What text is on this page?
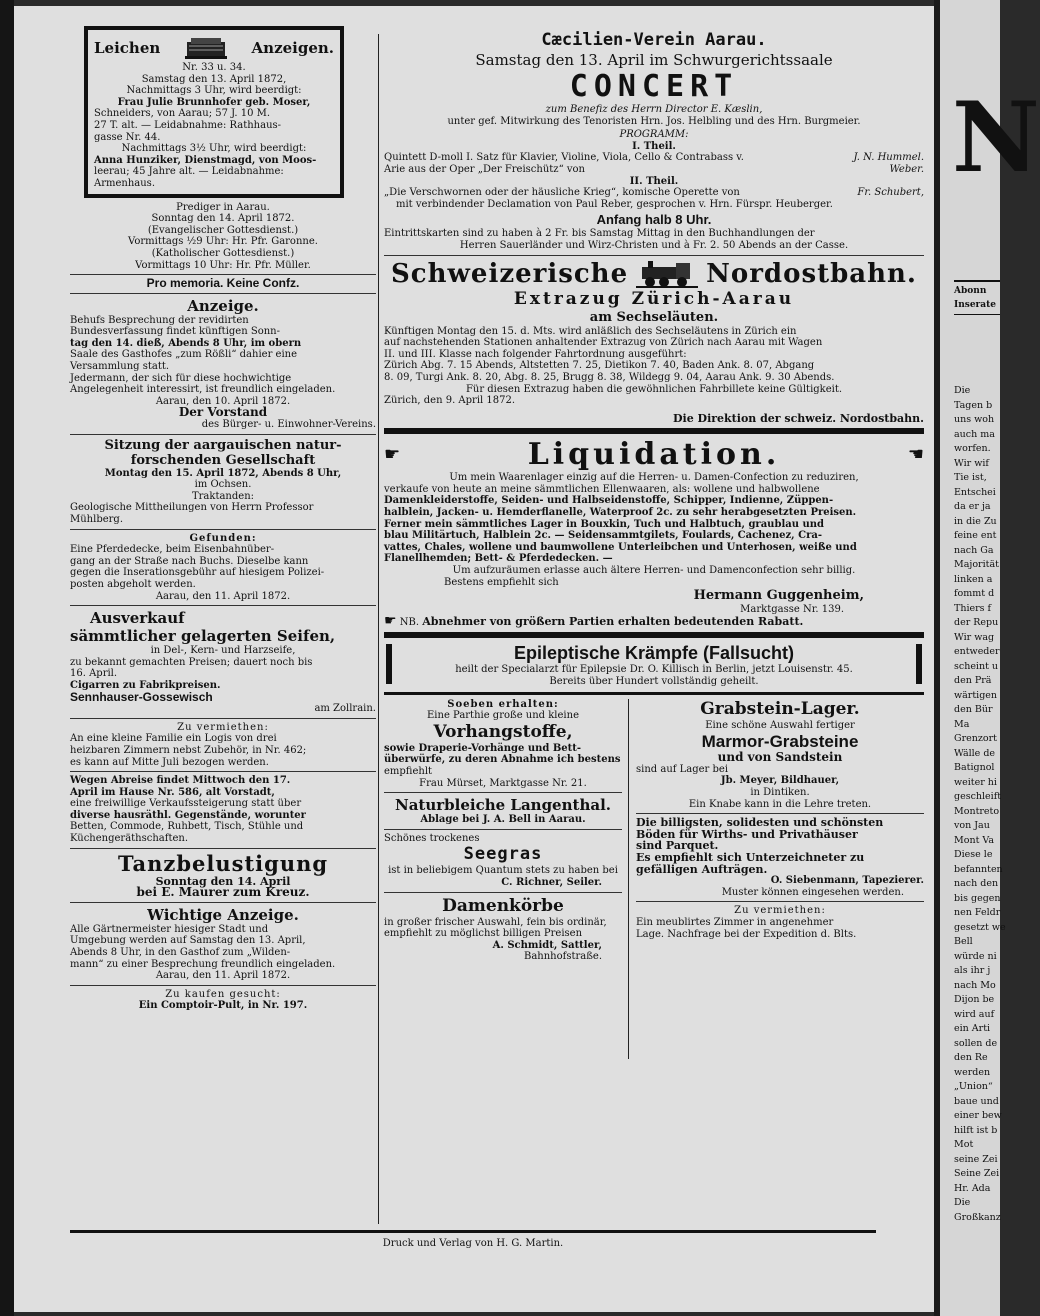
Leichen	Anzeigen.

Nr. 33 u. 34.

Samstag den 13. April 1872,

Nachmittags 3 Uhr, wird beerdigt:

Frau Julie Brunnhofer geb. Moser,

Schneiders, von Aarau; 57 J. 10 M.

27 T. alt. — Leidabnahme: Rathhaus-

gasse Nr. 44.

Nachmittags 3½ Uhr, wird beerdigt:

Anna Hunziker, Dienstmagd, von Moos-

leerau; 45 Jahre alt. — Leidabnahme:

Armenhaus.

Prediger in Aarau.

Sonntag den 14. April 1872.

(Evangelischer Gottesdienst.)

Vormittags ½9 Uhr: Hr. Pfr. Garonne.

(Katholischer Gottesdienst.)

Vormittags 10 Uhr: Hr. Pfr. Müller.

Pro memoria. Keine Confz.

Anzeige.

Behufs Besprechung der revidirten

Bundesverfassung findet künftigen Sonn-

tag den 14. dieß, Abends 8 Uhr, im obern

Saale des Gasthofes „zum Rößli“ dahier eine

Versammlung statt.

Jedermann, der sich für diese hochwichtige

Angelegenheit interessirt, ist freundlich eingeladen.

Aarau, den 10. April 1872.

Der Vorstand

des Bürger- u. Einwohner-Vereins.

Sitzung der aargauischen natur-

forschenden Gesellschaft

Montag den 15. April 1872, Abends 8 Uhr,

im Ochsen.

Traktanden:

Geologische Mittheilungen von Herrn Professor

Mühlberg.

Gefunden:

Eine Pferdedecke, beim Eisenbahnüber-

gang an der Straße nach Buchs. Dieselbe kann

gegen die Inserationsgebühr auf hiesigem Polizei-

posten abgeholt werden.

Aarau, den 11. April 1872.

Ausverkauf

sämmtlicher gelagerten Seifen,

in Del-, Kern- und Harzseife,

zu bekannt gemachten Preisen; dauert noch bis

16. April.

Cigarren zu Fabrikpreisen.

Sennhauser-Gossewisch

am Zollrain.

Zu vermiethen:

An eine kleine Familie ein Logis von drei

heizbaren Zimmern nebst Zubehör, in Nr. 462;

es kann auf Mitte Juli bezogen werden.

Wegen Abreise findet Mittwoch den 17.

April im Hause Nr. 586, alt Vorstadt,

eine freiwillige Verkaufssteigerung statt über

diverse hausräthl. Gegenstände, worunter

Betten, Commode, Ruhbett, Tisch, Stühle und

Küchengeräthschaften.

Tanzbelustigung

Sonntag den 14. April

bei E. Maurer zum Kreuz.

Wichtige Anzeige.

Alle Gärtnermeister hiesiger Stadt und

Umgebung werden auf Samstag den 13. April,

Abends 8 Uhr, in den Gasthof zum „Wilden-

mann“ zu einer Besprechung freundlich eingeladen.

Aarau, den 11. April 1872.

Zu kaufen gesucht:

Ein Comptoir-Pult, in Nr. 197.

Cæcilien-Verein Aarau.

Samstag den 13. April im Schwurgerichtssaale

CONCERT

zum Benefiz des Herrn Director E. Kæslin,

unter gef. Mitwirkung des Tenoristen Hrn. Jos. Helbling und des Hrn. Burgmeier.

PROGRAMM:

I. Theil.

Quintett D-moll I. Satz für Klavier, Violine, Viola, Cello & Contrabass v.	J. N. Hummel.

Arie aus der Oper „Der Freischütz“ von	Weber.

II. Theil.

„Die Verschwornen oder der häusliche Krieg“, komische Operette von	Fr. Schubert,

mit verbindender Declamation von Paul Reber, gesprochen v. Hrn. Fürspr. Heuberger.

Anfang halb 8 Uhr.

Eintrittskarten sind zu haben à 2 Fr. bis Samstag Mittag in den Buchhandlungen der

Herren Sauerländer und Wirz-Christen und à Fr. 2. 50 Abends an der Casse.

Schweizerische	Nordostbahn.

Extrazug Zürich-Aarau

am Sechseläuten.

Künftigen Montag den 15. d. Mts. wird anläßlich des Sechseläutens in Zürich ein

auf nachstehenden Stationen anhaltender Extrazug von Zürich nach Aarau mit Wagen

II. und III. Klasse nach folgender Fahrtordnung ausgeführt:

Zürich Abg. 7. 15 Abends, Altstetten 7. 25, Dietikon 7. 40, Baden Ank. 8. 07, Abgang

8. 09, Turgi Ank. 8. 20, Abg. 8. 25, Brugg 8. 38, Wildegg 9. 04, Aarau Ank. 9. 30 Abends.

Für diesen Extrazug haben die gewöhnlichen Fahrbillete keine Gültigkeit.

Zürich, den 9. April 1872.

Die Direktion der schweiz. Nordostbahn.

☛	Liquidation.	☚

Um mein Waarenlager einzig auf die Herren- u. Damen-Confection zu reduziren,

verkaufe von heute an meine sämmtlichen Ellenwaaren, als: wollene und halbwollene

Damenkleiderstoffe, Seiden- und Halbseidenstoffe, Schipper, Indienne, Züppen-

halblein, Jacken- u. Hemderflanelle, Waterproof 2c. zu sehr herabgesetzten Preisen.

Ferner mein sämmtliches Lager in Bouxkin, Tuch und Halbtuch, graublau und

blau Militärtuch, Halblein 2c. — Seidensammtgilets, Foulards, Cachenez, Cra-

vattes, Chales, wollene und baumwollene Unterleibchen und Unterhosen, weiße und

Flanellhemden; Bett- & Pferdedecken. —

Um aufzuräumen erlasse auch ältere Herren- und Damenconfection sehr billig.

Bestens empfiehlt sich

Hermann Guggenheim,

Marktgasse Nr. 139.

☛ NB. Abnehmer von größern Partien erhalten bedeutenden Rabatt.

Epileptische Krämpfe (Fallsucht)

heilt der Specialarzt für Epilepsie Dr. O. Killisch in Berlin, jetzt Louisenstr. 45.

Bereits über Hundert vollständig geheilt.

Soeben erhalten:

Eine Parthie große und kleine

Vorhangstoffe,

sowie Draperie-Vorhänge und Bett-

überwürfe, zu deren Abnahme ich bestens

empfiehlt

Frau Mürset, Marktgasse Nr. 21.

Naturbleiche Langenthal.

Ablage bei J. A. Bell in Aarau.

Schönes trockenes

Seegras

ist in beliebigem Quantum stets zu haben bei

C. Richner, Seiler.

Damenkörbe

in großer frischer Auswahl, fein bis ordinär,

empfiehlt zu möglichst billigen Preisen

A. Schmidt, Sattler,

Bahnhofstraße.

Grabstein-Lager.

Eine schöne Auswahl fertiger

Marmor-Grabsteine

und von Sandstein

sind auf Lager bei

Jb. Meyer, Bildhauer,

in Dintiken.

Ein Knabe kann in die Lehre treten.

Die billigsten, solidesten und schönsten

Böden für Wirths- und Privathäuser

sind Parquet.

Es empfiehlt sich Unterzeichneter zu

gefälligen Aufträgen.

O. Siebenmann, Tapezierer.

Muster können eingesehen werden.

Zu vermiethen:

Ein meublirtes Zimmer in angenehmer

Lage. Nachfrage bei der Expedition d. Blts.

Druck und Verlag von H. G. Martin.

N

Abonn

Inserate

Die
Tagen b
uns woh
auch ma
worfen.
Wir wif
Tie ist,
Entschei
da er ja
in die Zu
feine ent
nach Ga
Majorität
linken a
fommt d
Thiers f
der Repu
Wir wag
entweder
scheint u
den Prä
wärtigen
den Bür
Ma
Grenzort
Wälle de
Batignol
weiter hi
geschleift
Montreto
von Jau
Mont Va
Diese le
befannten
nach den
bis gegen
nen Feldr
gesetzt we
Bell
würde ni
als ihr j
nach Mo
Dijon be
wird auf
ein Arti
sollen de
den Re
werden
„Union“
baue und
einer bew
hilft ist b
Mot
seine Zei
Seine Zei
Hr. Ada
Die
Großkanz
